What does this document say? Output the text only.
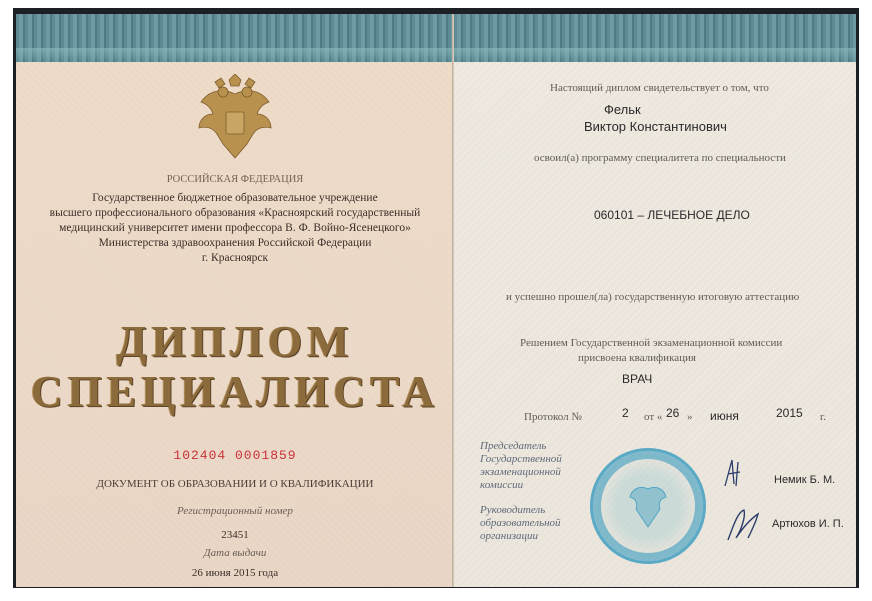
РОССИЙСКАЯ ФЕДЕРАЦИЯ
Государственное бюджетное образовательное учреждение
высшего профессионального образования «Красноярский государственный
медицинский университет имени профессора В. Ф. Войно-Ясенецкого»
Министерства здравоохранения Российской Федерации
г. Красноярск
ДИПЛОМ
СПЕЦИАЛИСТА
102404 0001859
ДОКУМЕНТ ОБ ОБРАЗОВАНИИ И О КВАЛИФИКАЦИИ
Регистрационный номер
23451
Дата выдачи
26 июня 2015 года
Настоящий диплом свидетельствует о том, что
Фельк
Виктор Константинович
освоил(а) программу специалитета по специальности
060101 – ЛЕЧЕБНОЕ ДЕЛО
и успешно прошел(ла) государственную итоговую аттестацию
Решением Государственной экзаменационной комиссии
присвоена квалификация
ВРАЧ
Протокол №	2 от « 26 » июня	2015 г.
Председатель Государственной экзаменационной комиссии
Руководитель образовательной организации
Немик Б. М.
Артюхов И. П.
